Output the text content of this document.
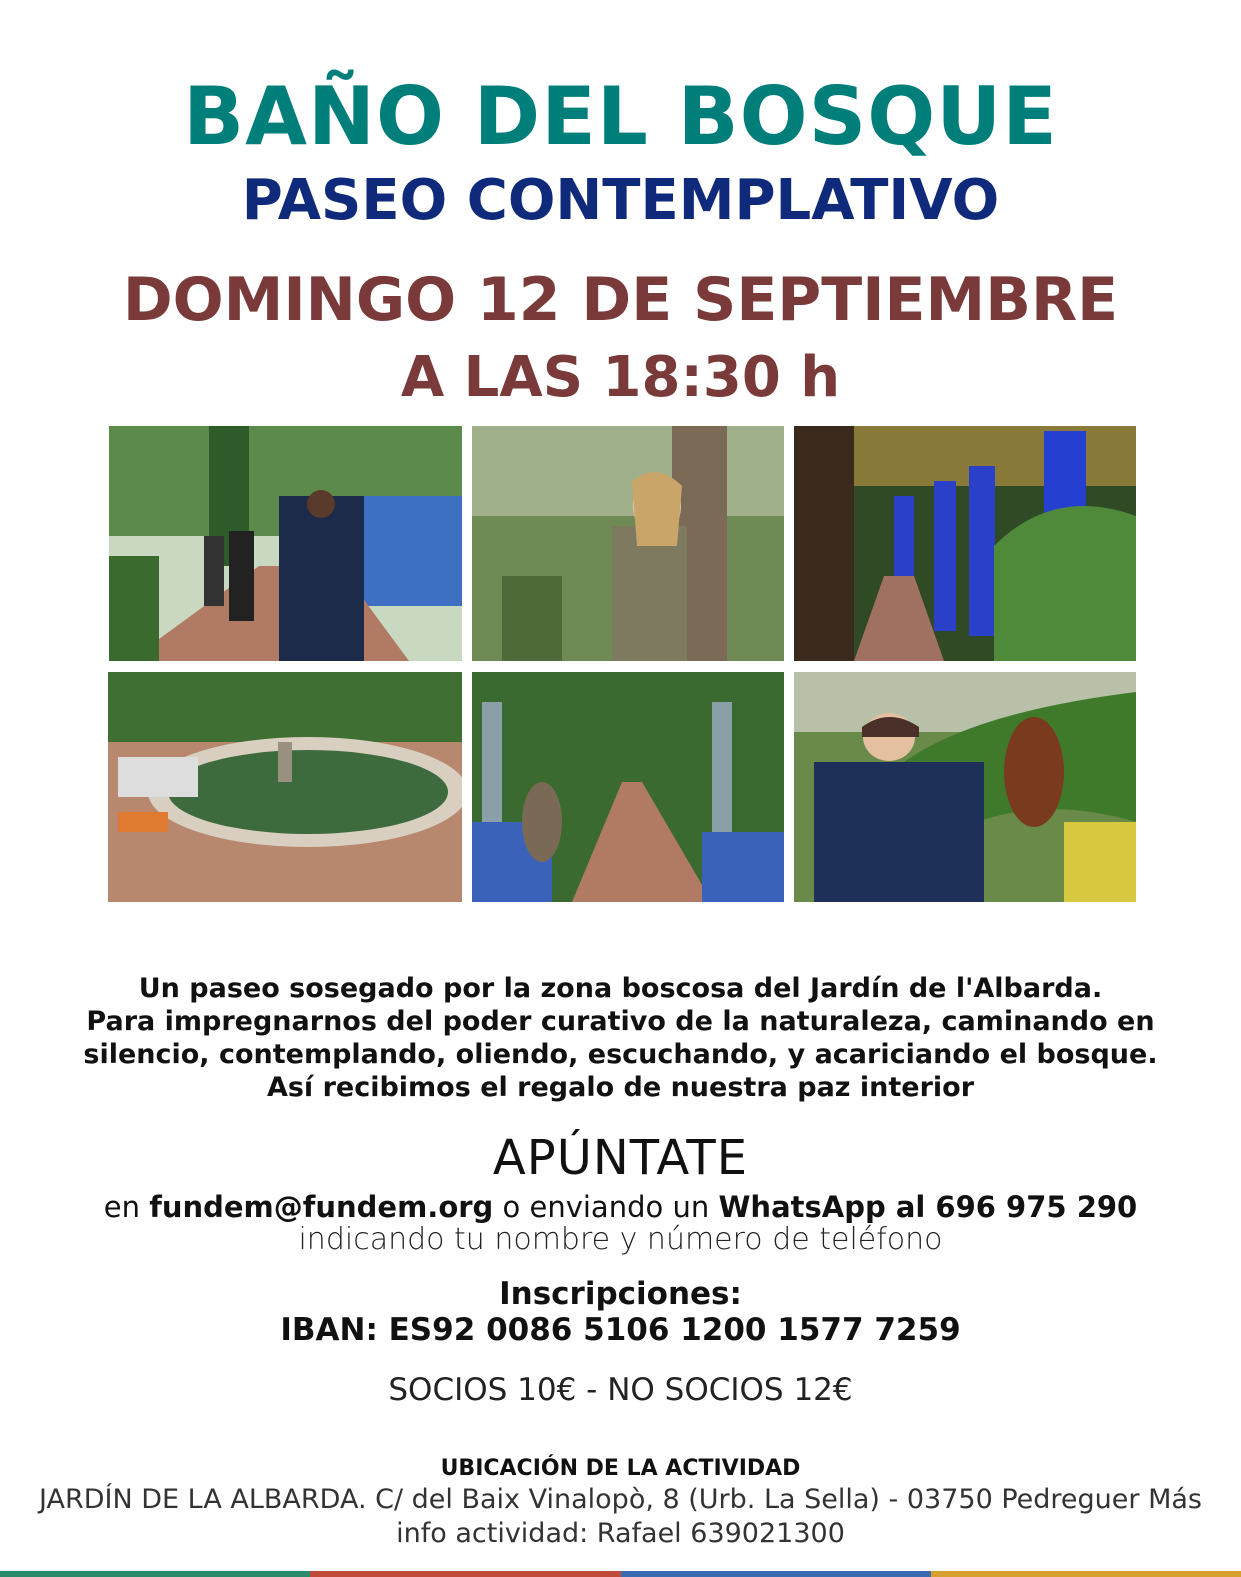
BAÑO DEL BOSQUE
PASEO CONTEMPLATIVO
DOMINGO 12 DE SEPTIEMBRE
A LAS 18:30 h
Un paseo sosegado por la zona boscosa del Jardín de l'Albarda.
Para impregnarnos del poder curativo de la naturaleza, caminando en
silencio, contemplando, oliendo, escuchando, y acariciando el bosque.
Así recibimos el regalo de nuestra paz interior
APÚNTATE
en fundem@fundem.org o enviando un WhatsApp al 696 975 290
indicando tu nombre y número de teléfono
Inscripciones:
IBAN: ES92 0086 5106 1200 1577 7259
SOCIOS 10€ - NO SOCIOS 12€
UBICACIÓN DE LA ACTIVIDAD
JARDÍN DE LA ALBARDA. C/ del Baix Vinalopò, 8 (Urb. La Sella) - 03750 Pedreguer Más
info actividad: Rafael 639021300
